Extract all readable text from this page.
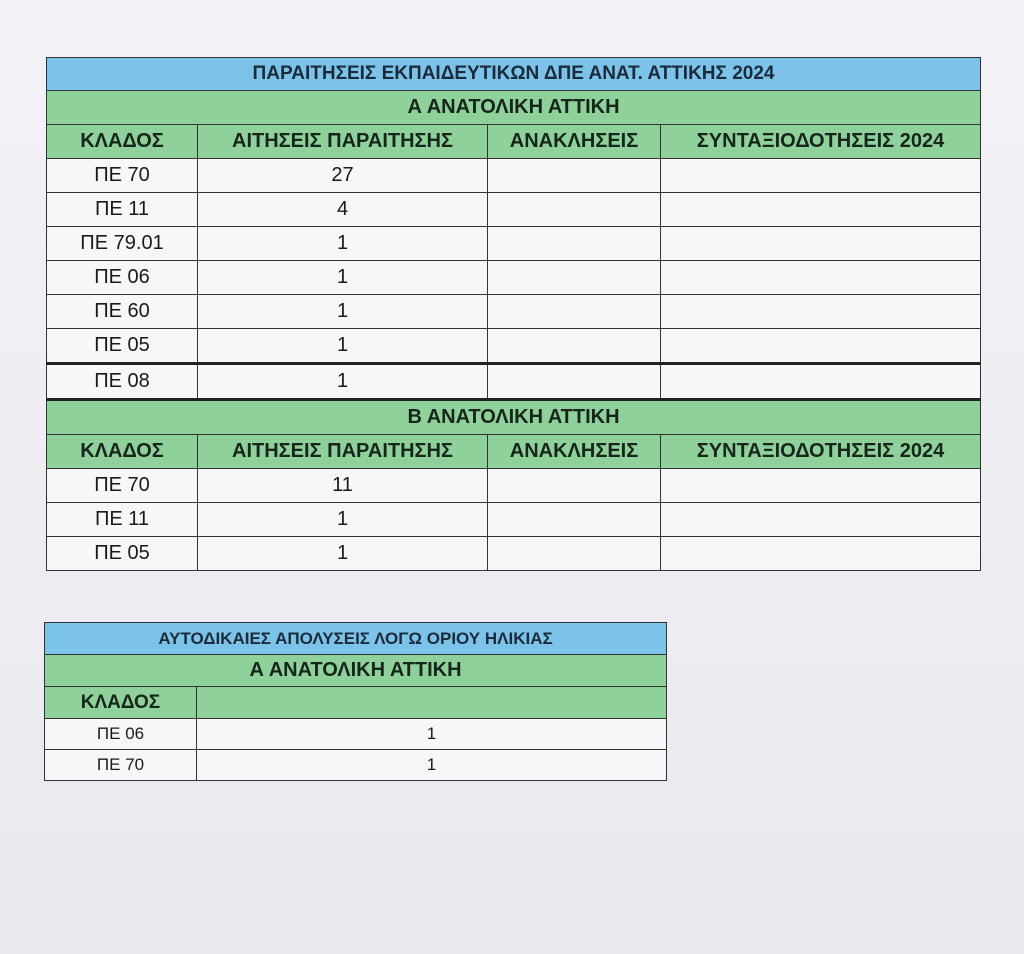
ΠΑΡΑΙΤΗΣΕΙΣ ΕΚΠΑΙΔΕΥΤΙΚΩΝ ΔΠΕ ΑΝΑΤ. ΑΤΤΙΚΗΣ 2024			
Α ΑΝΑΤΟΛΙΚΗ ΑΤΤΙΚΗ			
ΚΛΑΔΟΣ	ΑΙΤΗΣΕΙΣ ΠΑΡΑΙΤΗΣΗΣ	ΑΝΑΚΛΗΣΕΙΣ	ΣΥΝΤΑΞΙΟΔΟΤΗΣΕΙΣ 2024
ΠΕ 70	27		
ΠΕ 11	4		
ΠΕ 79.01	1		
ΠΕ 06	1		
ΠΕ 60	1		
ΠΕ 05	1		
ΠΕ 08	1		
Β ΑΝΑΤΟΛΙΚΗ ΑΤΤΙΚΗ			
ΚΛΑΔΟΣ	ΑΙΤΗΣΕΙΣ ΠΑΡΑΙΤΗΣΗΣ	ΑΝΑΚΛΗΣΕΙΣ	ΣΥΝΤΑΞΙΟΔΟΤΗΣΕΙΣ 2024
ΠΕ 70	11		
ΠΕ 11	1		
ΠΕ 05	1		
ΑΥΤΟΔΙΚΑΙΕΣ ΑΠΟΛΥΣΕΙΣ ΛΟΓΩ ΟΡΙΟΥ ΗΛΙΚΙΑΣ	
Α ΑΝΑΤΟΛΙΚΗ ΑΤΤΙΚΗ	
ΚΛΑΔΟΣ	
ΠΕ 06	1
ΠΕ 70	1
